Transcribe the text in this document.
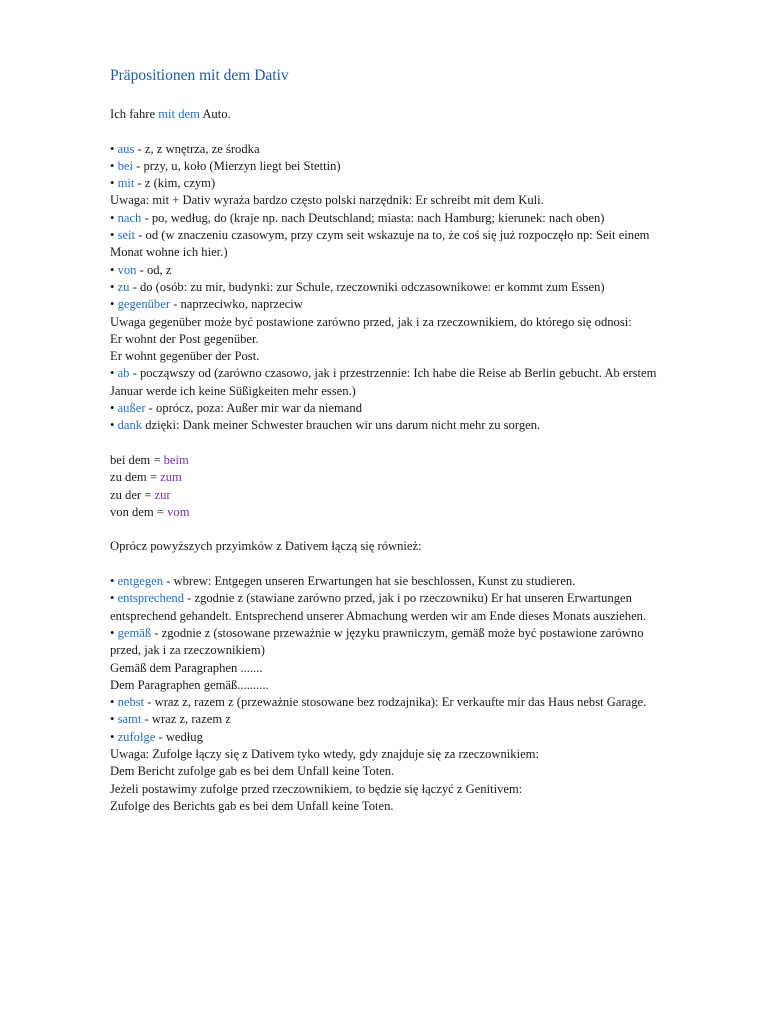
Präpositionen mit dem Dativ

Ich fahre mit dem Auto.

• aus - z, z wnętrza, ze środka

• bei - przy, u, koło (Mierzyn liegt bei Stettin)

• mit - z (kim, czym)

Uwaga: mit + Dativ wyraża bardzo często polski narzędnik: Er schreibt mit dem Kuli.

• nach - po, według, do (kraje np. nach Deutschland; miasta: nach Hamburg; kierunek: nach oben)

• seit - od (w znaczeniu czasowym, przy czym seit wskazuje na to, że coś się już rozpoczęło np: Seit einem Monat wohne ich hier.)

• von - od, z

• zu - do (osób: zu mir, budynki: zur Schule, rzeczowniki odczasownikowe: er kommt zum Essen)

• gegenüber - naprzeciwko, naprzeciw

Uwaga gegenüber może być postawione zarówno przed, jak i za rzeczownikiem, do którego się odnosi:

Er wohnt der Post gegenüber.

Er wohnt gegenüber der Post.

• ab - począwszy od (zarówno czasowo, jak i przestrzennie: Ich habe die Reise ab Berlin gebucht. Ab erstem Januar werde ich keine Süßigkeiten mehr essen.)

• außer - oprócz, poza: Außer mir war da niemand

• dank dzięki: Dank meiner Schwester brauchen wir uns darum nicht mehr zu sorgen.

bei dem = beim

zu dem = zum

zu der = zur

von dem = vom

Oprócz powyższych przyimków z Dativem łączą się również:

• entgegen - wbrew: Entgegen unseren Erwartungen hat sie beschlossen, Kunst zu studieren.

• entsprechend - zgodnie z (stawiane zarówno przed, jak i po rzeczowniku) Er hat unseren Erwartungen entsprechend gehandelt. Entsprechend unserer Abmachung werden wir am Ende dieses Monats ausziehen.

• gemäß - zgodnie z (stosowane przeważnie w języku prawniczym, gemäß może być postawione zarówno przed, jak i za rzeczownikiem)

Gemäß dem Paragraphen .......

Dem Paragraphen gemäß..........

• nebst - wraz z, razem z (przeważnie stosowane bez rodzajnika): Er verkaufte mir das Haus nebst Garage.

• samt - wraz z, razem z

• zufolge - według

Uwaga: Zufolge łączy się z Dativem tyko wtedy, gdy znajduje się za rzeczownikiem:

Dem Bericht zufolge gab es bei dem Unfall keine Toten.

Jeżeli postawimy zufolge przed rzeczownikiem, to będzie się łączyć z Genitivem:

Zufolge des Berichts gab es bei dem Unfall keine Toten.
